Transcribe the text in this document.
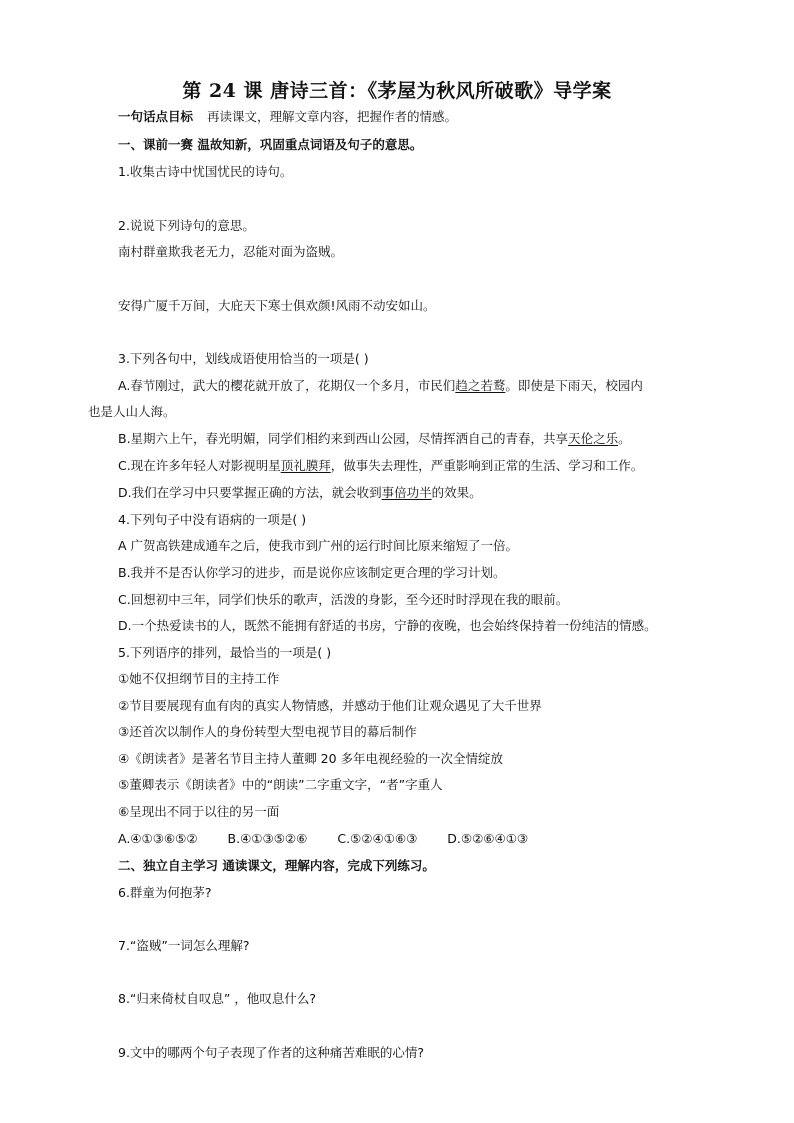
第 24 课 唐诗三首：《茅屋为秋风所破歌》导学案
一句话点目标 再读课文，理解文章内容，把握作者的情感。
一、课前一赛 温故知新，巩固重点词语及句子的意思。
1.收集古诗中忧国忧民的诗句。
2.说说下列诗句的意思。
南村群童欺我老无力，忍能对面为盗贼。
安得广厦千万间，大庇天下寒士俱欢颜!风雨不动安如山。
3.下列各句中，划线成语使用恰当的一项是( )
A.春节刚过，武大的樱花就开放了，花期仅一个多月，市民们趋之若鹜。即使是下雨天，校园内
也是人山人海。
B.星期六上午，春光明媚，同学们相约来到西山公园，尽情挥洒自己的青春，共享天伦之乐。
C.现在许多年轻人对影视明星顶礼膜拜，做事失去理性，严重影响到正常的生活、学习和工作。
D.我们在学习中只要掌握正确的方法，就会收到事倍功半的效果。
4.下列句子中没有语病的一项是( )
A 广贺高铁建成通车之后，使我市到广州的运行时间比原来缩短了一倍。
B.我并不是否认你学习的进步，而是说你应该制定更合理的学习计划。
C.回想初中三年，同学们快乐的歌声，活泼的身影，至今还时时浮现在我的眼前。
D.一个热爱读书的人，既然不能拥有舒适的书房，宁静的夜晚，也会始终保持着一份纯洁的情感。
5.下列语序的排列，最恰当的一项是( )
①她不仅担纲节目的主持工作
②节目要展现有血有肉的真实人物情感，并感动于他们让观众遇见了大千世界
③还首次以制作人的身份转型大型电视节目的幕后制作
④《朗读者》是著名节目主持人董卿 20 多年电视经验的一次全情绽放
⑤董卿表示《朗读者》中的“朗读”二字重文字，“者”字重人
⑥呈现出不同于以往的另一面
A.④①③⑥⑤② B.④①③⑤②⑥ C.⑤②④①⑥③ D.⑤②⑥④①③
二、独立自主学习 通读课文，理解内容，完成下列练习。
6.群童为何抱茅?
7.“盗贼”一词怎么理解?
8.“归来倚杖自叹息” ，他叹息什么?
9.文中的哪两个句子表现了作者的这种痛苦难眠的心情?
